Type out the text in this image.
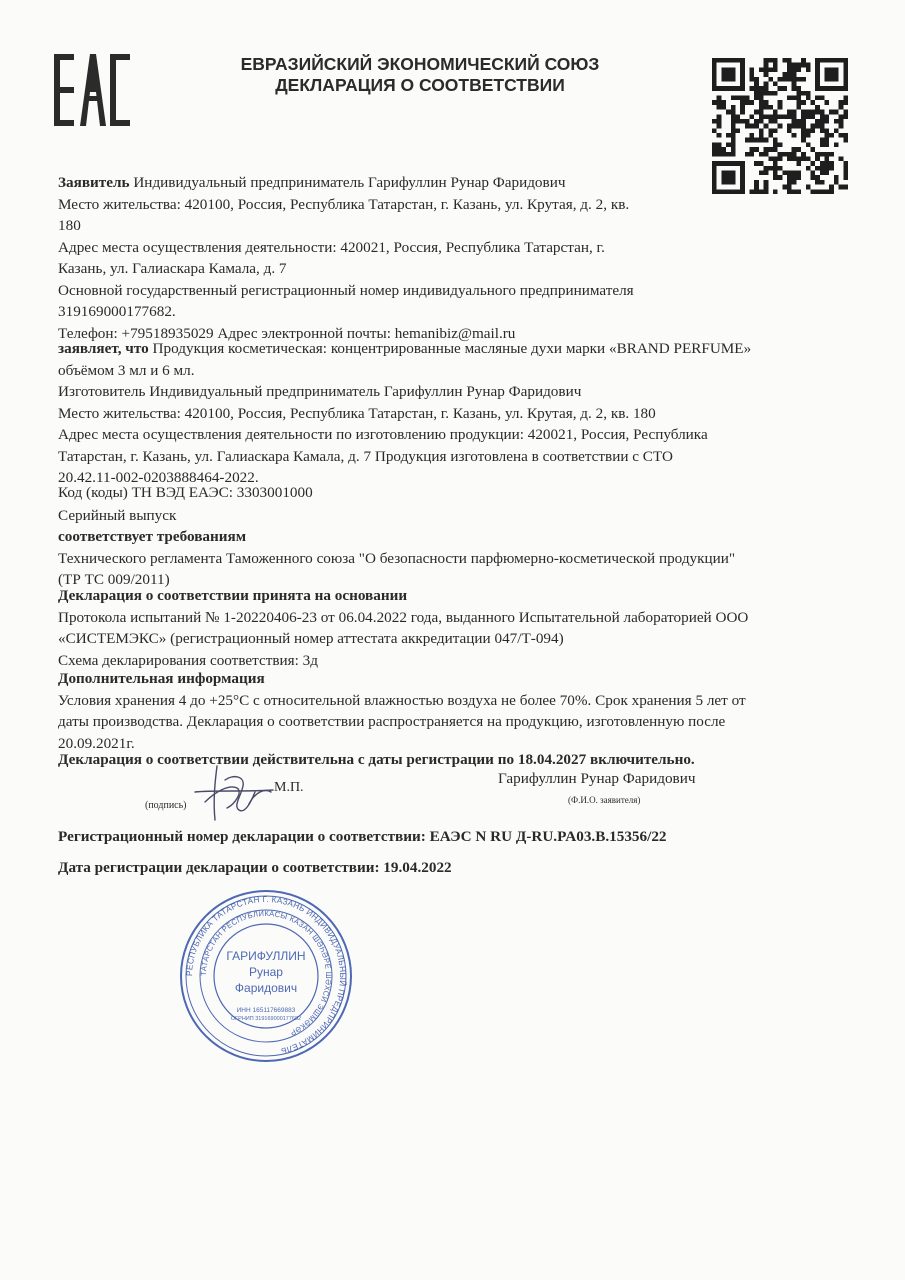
ЕВРАЗИЙСКИЙ ЭКОНОМИЧЕСКИЙ СОЮЗ
ДЕКЛАРАЦИЯ О СООТВЕТСТВИИ
Заявитель Индивидуальный предприниматель Гарифуллин Рунар Фаридович
Место жительства: 420100, Россия, Республика Татарстан, г. Казань, ул. Крутая, д. 2, кв.
180
Адрес места осуществления деятельности: 420021, Россия, Республика Татарстан, г.
Казань, ул. Галиаскара Камала, д. 7
Основной государственный регистрационный номер индивидуального предпринимателя
319169000177682.
Телефон: +79518935029 Адрес электронной почты: hemanibiz@mail.ru
заявляет, что Продукция косметическая: концентрированные масляные духи марки «BRAND PERFUME»
объёмом 3 мл и 6 мл.
Изготовитель Индивидуальный предприниматель Гарифуллин Рунар Фаридович
Место жительства: 420100, Россия, Республика Татарстан, г. Казань, ул. Крутая, д. 2, кв. 180
Адрес места осуществления деятельности по изготовлению продукции: 420021, Россия, Республика
Татарстан, г. Казань, ул. Галиаскара Камала, д. 7 Продукция изготовлена в соответствии с СТО
20.42.11-002-0203888464-2022.
Код (коды) ТН ВЭД ЕАЭС: 3303001000
Серийный выпуск
соответствует требованиям
Технического регламента Таможенного союза "О безопасности парфюмерно-косметической продукции"
(ТР ТС 009/2011)
Декларация о соответствии принята на основании
Протокола испытаний № 1-20220406-23 от 06.04.2022 года, выданного Испытательной лабораторией ООО
«СИСТЕМЭКС» (регистрационный номер аттестата аккредитации 047/Т-094)
Схема декларирования соответствия: 3д
Дополнительная информация
Условия хранения 4 до +25°С с относительной влажностью воздуха не более 70%. Срок хранения 5 лет от
даты производства. Декларация о соответствии распространяется на продукцию, изготовленную после
20.09.2021г.
Декларация о соответствии действительна с даты регистрации по 18.04.2027 включительно.
(подпись)
М.П.
Гарифуллин Рунар Фаридович
(Ф.И.О. заявителя)
Регистрационный номер декларации о соответствии: ЕАЭС N RU Д-RU.PA03.B.15356/22
Дата регистрации декларации о соответствии: 19.04.2022
РЕСПУБЛИКА ТАТАРСТАН Г. КАЗАНЬ ИНДИВИДУАЛЬНЫЙ ПРЕДПРИНИМАТЕЛЬ
ТАТАРСТАН РЕСПУБЛИКАСЫ КАЗАН ШӘҺӘРЕ ШӘХСИ ЭШМӘКӘР
ГАРИФУЛЛИН
Рунар
Фаридович
ИНН 165117669883
ОГРНИП 319169000177682
